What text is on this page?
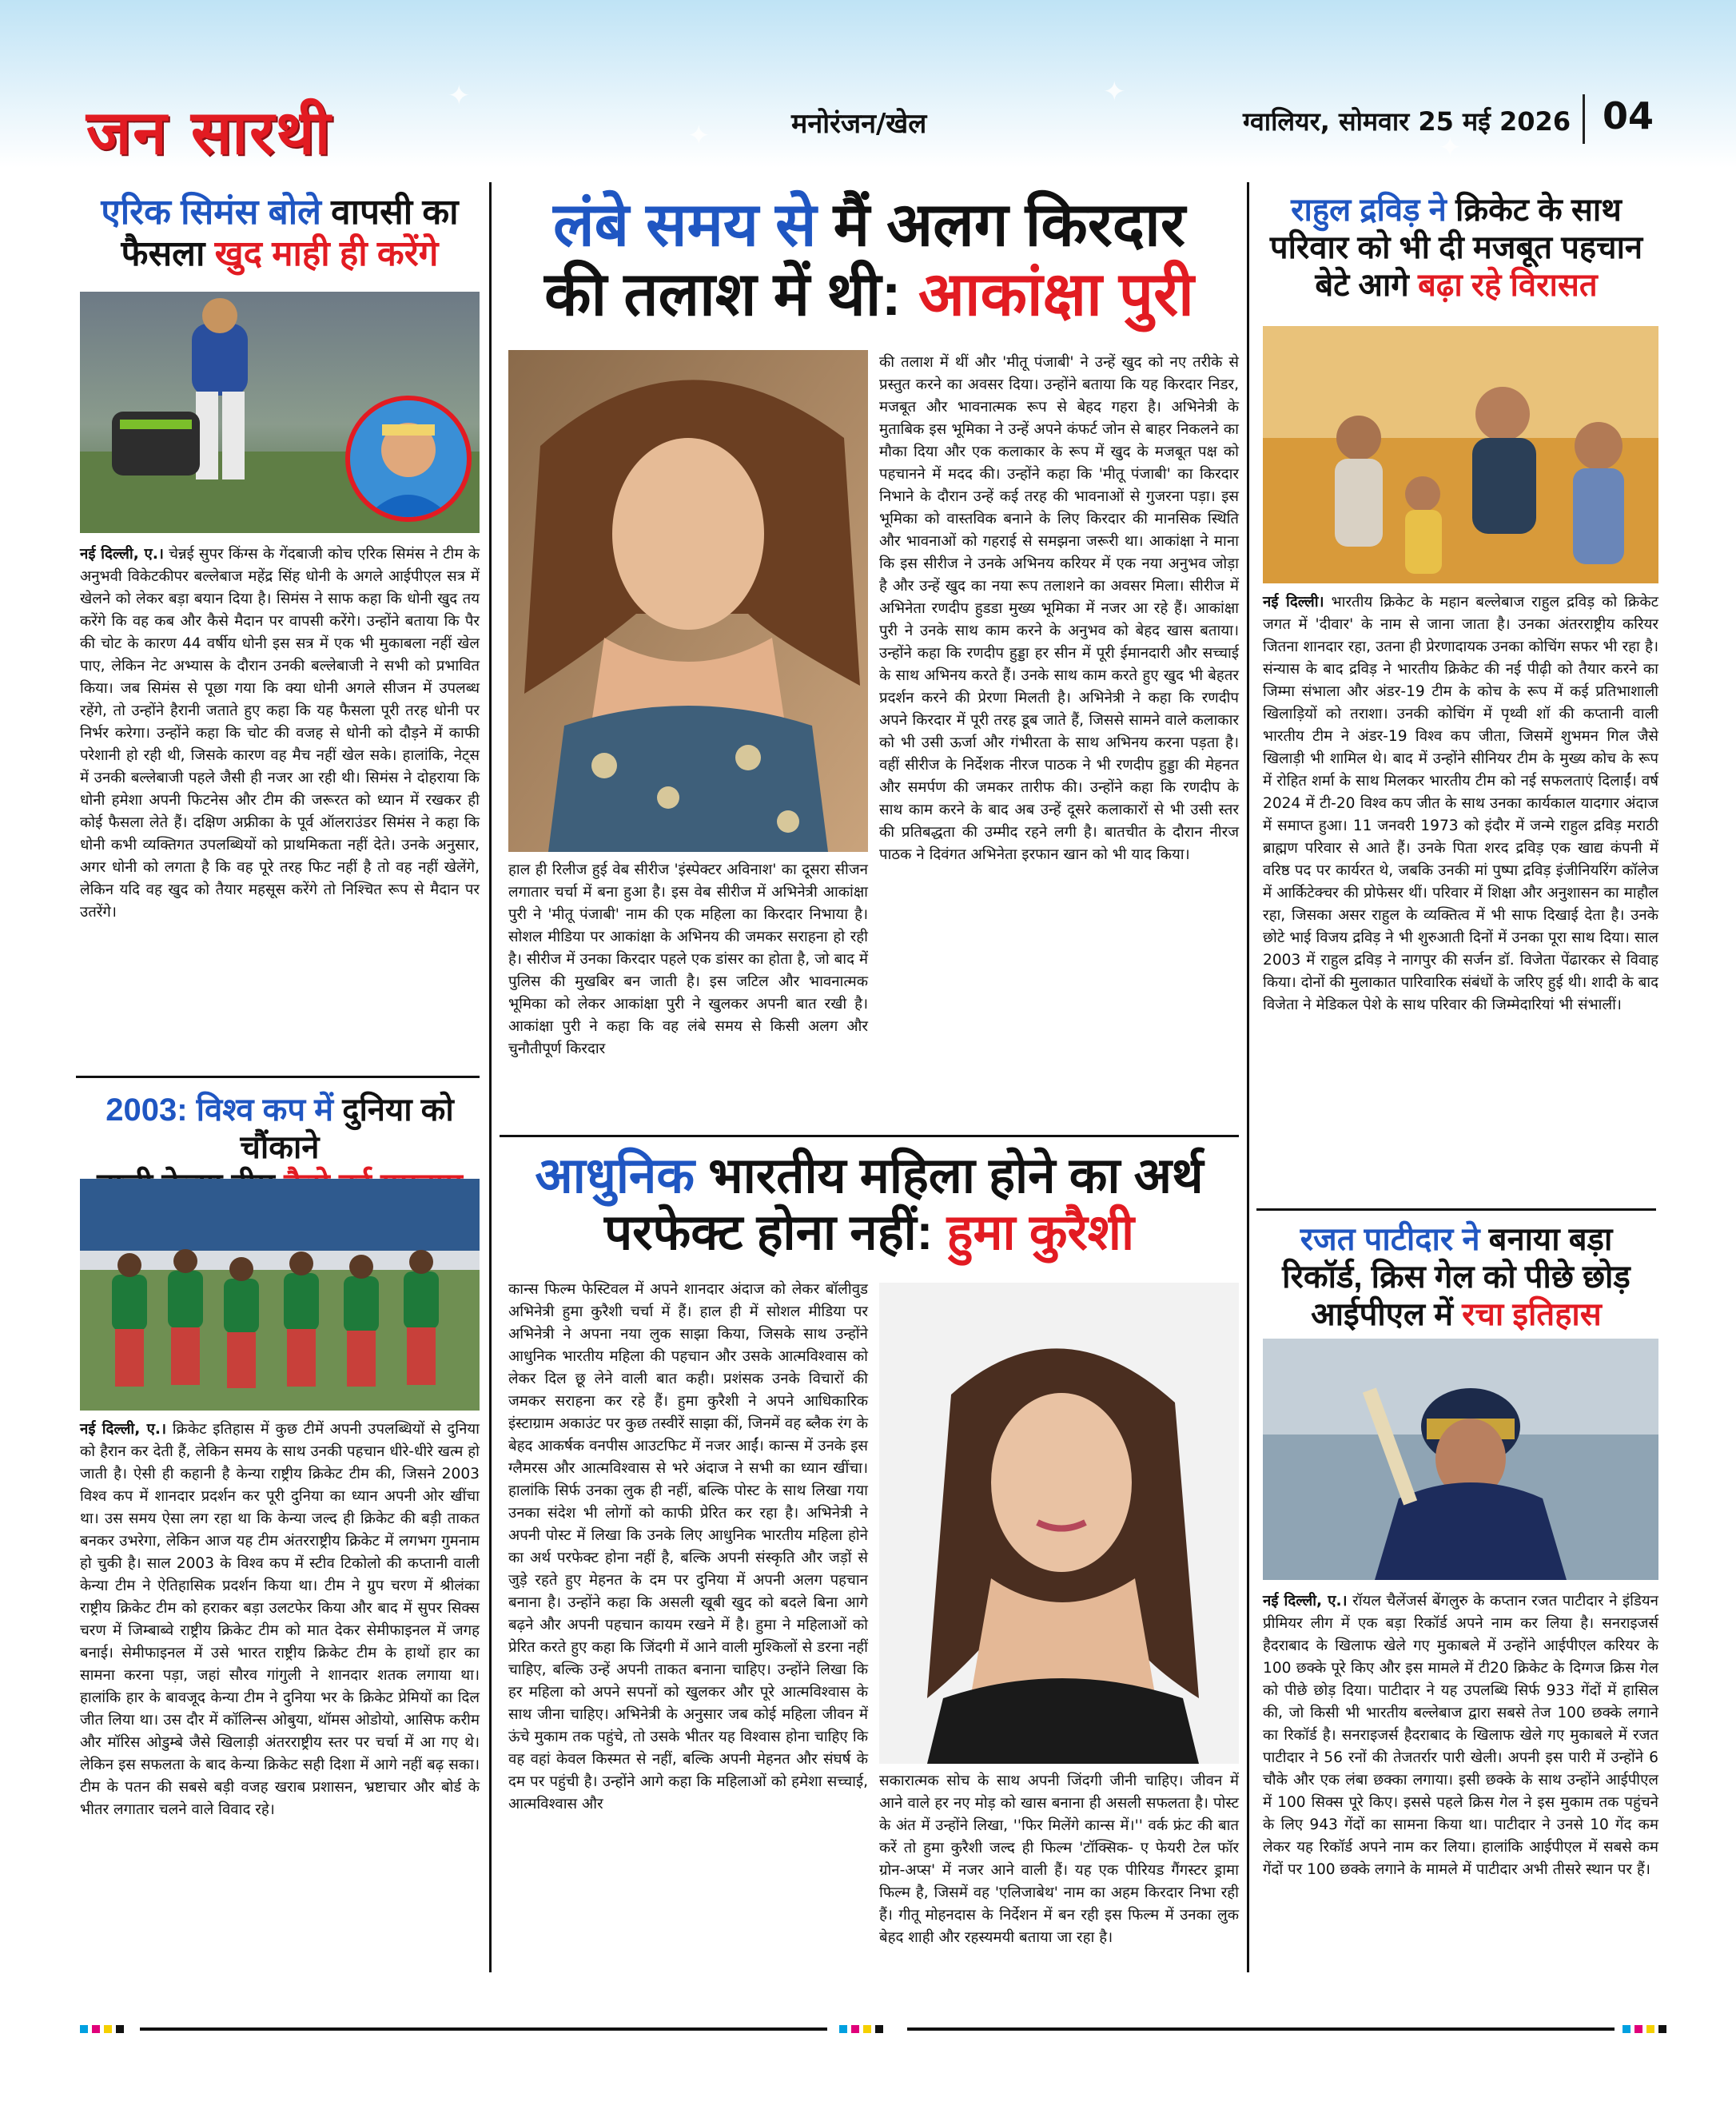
✦
✦
✦
✦
जन सारथी	मनोरंजन/खेल	ग्वालियर, सोमवार 25 मई 2026 04
एरिक सिमंस बोले वापसी का
फैसला खुद माही ही करेंगे

नई दिल्ली, ए.। चेन्नई सुपर किंग्स के गेंदबाजी कोच एरिक सिमंस ने टीम के अनुभवी विकेटकीपर बल्लेबाज महेंद्र सिंह धोनी के अगले आईपीएल सत्र में खेलने को लेकर बड़ा बयान दिया है। सिमंस ने साफ कहा कि धोनी खुद तय करेंगे कि वह कब और कैसे मैदान पर वापसी करेंगे। उन्होंने बताया कि पैर की चोट के कारण 44 वर्षीय धोनी इस सत्र में एक भी मुकाबला नहीं खेल पाए, लेकिन नेट अभ्यास के दौरान उनकी बल्लेबाजी ने सभी को प्रभावित किया। जब सिमंस से पूछा गया कि क्या धोनी अगले सीजन में उपलब्ध रहेंगे, तो उन्होंने हैरानी जताते हुए कहा कि यह फैसला पूरी तरह धोनी पर निर्भर करेगा। उन्होंने कहा कि चोट की वजह से धोनी को दौड़ने में काफी परेशानी हो रही थी, जिसके कारण वह मैच नहीं खेल सके। हालांकि, नेट्स में उनकी बल्लेबाजी पहले जैसी ही नजर आ रही थी। सिमंस ने दोहराया कि धोनी हमेशा अपनी फिटनेस और टीम की जरूरत को ध्यान में रखकर ही कोई फैसला लेते हैं। दक्षिण अफ्रीका के पूर्व ऑलराउंडर सिमंस ने कहा कि धोनी कभी व्यक्तिगत उपलब्धियों को प्राथमिकता नहीं देते। उनके अनुसार, अगर धोनी को लगता है कि वह पूरे तरह फिट नहीं है तो वह नहीं खेलेंगे, लेकिन यदि वह खुद को तैयार महसूस करेंगे तो निश्चित रूप से मैदान पर उतरेंगे।

2003: विश्व कप में दुनिया को चौंकाने

नई दिल्ली, ए.। क्रिकेट इतिहास में कुछ टीमें अपनी उपलब्धियों से दुनिया को हैरान कर देती हैं, लेकिन समय के साथ उनकी पहचान धीरे-धीरे खत्म हो जाती है। ऐसी ही कहानी है केन्या राष्ट्रीय क्रिकेट टीम की, जिसने 2003 विश्व कप में शानदार प्रदर्शन कर पूरी दुनिया का ध्यान अपनी ओर खींचा था। उस समय ऐसा लग रहा था कि केन्या जल्द ही क्रिकेट की बड़ी ताकत बनकर उभरेगा, लेकिन आज यह टीम अंतरराष्ट्रीय क्रिकेट में लगभग गुमनाम हो चुकी है। साल 2003 के विश्व कप में स्टीव टिकोलो की कप्तानी वाली केन्या टीम ने ऐतिहासिक प्रदर्शन किया था। टीम ने ग्रुप चरण में श्रीलंका राष्ट्रीय क्रिकेट टीम को हराकर बड़ा उलटफेर किया और बाद में सुपर सिक्स चरण में जिम्बाब्वे राष्ट्रीय क्रिकेट टीम को मात देकर सेमीफाइनल में जगह बनाई। सेमीफाइनल में उसे भारत राष्ट्रीय क्रिकेट टीम के हाथों हार का सामना करना पड़ा, जहां सौरव गांगुली ने शानदार शतक लगाया था। हालांकि हार के बावजूद केन्या टीम ने दुनिया भर के क्रिकेट प्रेमियों का दिल जीत लिया था। उस दौर में कॉलिन्स ओबुया, थॉमस ओडोयो, आसिफ करीम और मॉरिस ओडुम्बे जैसे खिलाड़ी अंतरराष्ट्रीय स्तर पर चर्चा में आ गए थे। लेकिन इस सफलता के बाद केन्या क्रिकेट सही दिशा में आगे नहीं बढ़ सका। टीम के पतन की सबसे बड़ी वजह खराब प्रशासन, भ्रष्टाचार और बोर्ड के भीतर लगातार चलने वाले विवाद रहे।

लंबे समय से मैं अलग किरदार
की तलाश में थी: आकांक्षा पुरी

हाल ही रिलीज हुई वेब सीरीज 'इंस्पेक्टर अविनाश' का दूसरा सीजन लगातार चर्चा में बना हुआ है। इस वेब सीरीज में अभिनेत्री आकांक्षा पुरी ने 'मीतू पंजाबी' नाम की एक महिला का किरदार निभाया है। सोशल मीडिया पर आकांक्षा के अभिनय की जमकर सराहना हो रही है। सीरीज में उनका किरदार पहले एक डांसर का होता है, जो बाद में पुलिस की मुखबिर बन जाती है। इस जटिल और भावनात्मक भूमिका को लेकर आकांक्षा पुरी ने खुलकर अपनी बात रखी है। आकांक्षा पुरी ने कहा कि वह लंबे समय से किसी अलग और चुनौतीपूर्ण किरदार

की तलाश में थीं और 'मीतू पंजाबी' ने उन्हें खुद को नए तरीके से प्रस्तुत करने का अवसर दिया। उन्होंने बताया कि यह किरदार निडर, मजबूत और भावनात्मक रूप से बेहद गहरा है। अभिनेत्री के मुताबिक इस भूमिका ने उन्हें अपने कंफर्ट जोन से बाहर निकलने का मौका दिया और एक कलाकार के रूप में खुद के मजबूत पक्ष को पहचानने में मदद की। उन्होंने कहा कि 'मीतू पंजाबी' का किरदार निभाने के दौरान उन्हें कई तरह की भावनाओं से गुजरना पड़ा। इस भूमिका को वास्तविक बनाने के लिए किरदार की मानसिक स्थिति और भावनाओं को गहराई से समझना जरूरी था। आकांक्षा ने माना कि इस सीरीज ने उनके अभिनय करियर में एक नया अनुभव जोड़ा है और उन्हें खुद का नया रूप तलाशने का अवसर मिला। सीरीज में अभिनेता रणदीप हुडडा मुख्य भूमिका में नजर आ रहे हैं। आकांक्षा पुरी ने उनके साथ काम करने के अनुभव को बेहद खास बताया। उन्होंने कहा कि रणदीप हुड्डा हर सीन में पूरी ईमानदारी और सच्चाई के साथ अभिनय करते हैं। उनके साथ काम करते हुए खुद भी बेहतर प्रदर्शन करने की प्रेरणा मिलती है। अभिनेत्री ने कहा कि रणदीप अपने किरदार में पूरी तरह डूब जाते हैं, जिससे सामने वाले कलाकार को भी उसी ऊर्जा और गंभीरता के साथ अभिनय करना पड़ता है। वहीं सीरीज के निर्देशक नीरज पाठक ने भी रणदीप हुड्डा की मेहनत और समर्पण की जमकर तारीफ की। उन्होंने कहा कि रणदीप के साथ काम करने के बाद अब उन्हें दूसरे कलाकारों से भी उसी स्तर की प्रतिबद्धता की उम्मीद रहने लगी है। बातचीत के दौरान नीरज पाठक ने दिवंगत अभिनेता इरफान खान को भी याद किया।

आधुनिक भारतीय महिला होने का अर्थ
परफेक्ट होना नहीं: हुमा कुरैशी

कान्स फिल्म फेस्टिवल में अपने शानदार अंदाज को लेकर बॉलीवुड अभिनेत्री हुमा कुरैशी चर्चा में हैं। हाल ही में सोशल मीडिया पर अभिनेत्री ने अपना नया लुक साझा किया, जिसके साथ उन्होंने आधुनिक भारतीय महिला की पहचान और उसके आत्मविश्वास को लेकर दिल छू लेने वाली बात कही। प्रशंसक उनके विचारों की जमकर सराहना कर रहे हैं। हुमा कुरैशी ने अपने आधिकारिक इंस्टाग्राम अकाउंट पर कुछ तस्वीरें साझा कीं, जिनमें वह ब्लैक रंग के बेहद आकर्षक वनपीस आउटफिट में नजर आईं। कान्स में उनके इस ग्लैमरस और आत्मविश्वास से भरे अंदाज ने सभी का ध्यान खींचा। हालांकि सिर्फ उनका लुक ही नहीं, बल्कि पोस्ट के साथ लिखा गया उनका संदेश भी लोगों को काफी प्रेरित कर रहा है। अभिनेत्री ने अपनी पोस्ट में लिखा कि उनके लिए आधुनिक भारतीय महिला होने का अर्थ परफेक्ट होना नहीं है, बल्कि अपनी संस्कृति और जड़ों से जुड़े रहते हुए मेहनत के दम पर दुनिया में अपनी अलग पहचान बनाना है। उन्होंने कहा कि असली खूबी खुद को बदले बिना आगे बढ़ने और अपनी पहचान कायम रखने में है। हुमा ने महिलाओं को प्रेरित करते हुए कहा कि जिंदगी में आने वाली मुश्किलों से डरना नहीं चाहिए, बल्कि उन्हें अपनी ताकत बनाना चाहिए। उन्होंने लिखा कि हर महिला को अपने सपनों को खुलकर और पूरे आत्मविश्वास के साथ जीना चाहिए। अभिनेत्री के अनुसार जब कोई महिला जीवन में ऊंचे मुकाम तक पहुंचे, तो उसके भीतर यह विश्वास होना चाहिए कि वह वहां केवल किस्मत से नहीं, बल्कि अपनी मेहनत और संघर्ष के दम पर पहुंची है। उन्होंने आगे कहा कि महिलाओं को हमेशा सच्चाई, आत्मविश्वास और

सकारात्मक सोच के साथ अपनी जिंदगी जीनी चाहिए। जीवन में आने वाले हर नए मोड़ को खास बनाना ही असली सफलता है। पोस्ट के अंत में उन्होंने लिखा, ''फिर मिलेंगे कान्स में।'' वर्क फ्रंट की बात करें तो हुमा कुरैशी जल्द ही फिल्म 'टॉक्सिक- ए फेयरी टेल फॉर ग्रोन-अप्स' में नजर आने वाली हैं। यह एक पीरियड गैंगस्टर ड्रामा फिल्म है, जिसमें वह 'एलिजाबेथ' नाम का अहम किरदार निभा रही हैं। गीतू मोहनदास के निर्देशन में बन रही इस फिल्म में उनका लुक बेहद शाही और रहस्यमयी बताया जा रहा है।

राहुल द्रविड़ ने क्रिकेट के साथ
परिवार को भी दी मजबूत पहचान
बेटे आगे बढ़ा रहे विरासत

नई दिल्ली। भारतीय क्रिकेट के महान बल्लेबाज राहुल द्रविड़ को क्रिकेट जगत में 'दीवार' के नाम से जाना जाता है। उनका अंतरराष्ट्रीय करियर जितना शानदार रहा, उतना ही प्रेरणादायक उनका कोचिंग सफर भी रहा है। संन्यास के बाद द्रविड़ ने भारतीय क्रिकेट की नई पीढ़ी को तैयार करने का जिम्मा संभाला और अंडर-19 टीम के कोच के रूप में कई प्रतिभाशाली खिलाड़ियों को तराशा। उनकी कोचिंग में पृथ्वी शॉ की कप्तानी वाली भारतीय टीम ने अंडर-19 विश्व कप जीता, जिसमें शुभमन गिल जैसे खिलाड़ी भी शामिल थे। बाद में उन्होंने सीनियर टीम के मुख्य कोच के रूप में रोहित शर्मा के साथ मिलकर भारतीय टीम को नई सफलताएं दिलाईं। वर्ष 2024 में टी-20 विश्व कप जीत के साथ उनका कार्यकाल यादगार अंदाज में समाप्त हुआ। 11 जनवरी 1973 को इंदौर में जन्मे राहुल द्रविड़ मराठी ब्राह्मण परिवार से आते हैं। उनके पिता शरद द्रविड़ एक खाद्य कंपनी में वरिष्ठ पद पर कार्यरत थे, जबकि उनकी मां पुष्पा द्रविड़ इंजीनियरिंग कॉलेज में आर्किटेक्चर की प्रोफेसर थीं। परिवार में शिक्षा और अनुशासन का माहौल रहा, जिसका असर राहुल के व्यक्तित्व में भी साफ दिखाई देता है। उनके छोटे भाई विजय द्रविड़ ने भी शुरुआती दिनों में उनका पूरा साथ दिया। साल 2003 में राहुल द्रविड़ ने नागपुर की सर्जन डॉ. विजेता पेंढारकर से विवाह किया। दोनों की मुलाकात पारिवारिक संबंधों के जरिए हुई थी। शादी के बाद विजेता ने मेडिकल पेशे के साथ परिवार की जिम्मेदारियां भी संभालीं।

रजत पाटीदार ने बनाया बड़ा
रिकॉर्ड, क्रिस गेल को पीछे छोड़
आईपीएल में रचा इतिहास

नई दिल्ली, ए.। रॉयल चैलेंजर्स बेंगलुरु के कप्तान रजत पाटीदार ने इंडियन प्रीमियर लीग में एक बड़ा रिकॉर्ड अपने नाम कर लिया है। सनराइजर्स हैदराबाद के खिलाफ खेले गए मुकाबले में उन्होंने आईपीएल करियर के 100 छक्के पूरे किए और इस मामले में टी20 क्रिकेट के दिग्गज क्रिस गेल को पीछे छोड़ दिया। पाटीदार ने यह उपलब्धि सिर्फ 933 गेंदों में हासिल की, जो किसी भी भारतीय बल्लेबाज द्वारा सबसे तेज 100 छक्के लगाने का रिकॉर्ड है। सनराइजर्स हैदराबाद के खिलाफ खेले गए मुकाबले में रजत पाटीदार ने 56 रनों की तेजतर्रार पारी खेली। अपनी इस पारी में उन्होंने 6 चौके और एक लंबा छक्का लगाया। इसी छक्के के साथ उन्होंने आईपीएल में 100 सिक्स पूरे किए। इससे पहले क्रिस गेल ने इस मुकाम तक पहुंचने के लिए 943 गेंदों का सामना किया था। पाटीदार ने उनसे 10 गेंद कम लेकर यह रिकॉर्ड अपने नाम कर लिया। हालांकि आईपीएल में सबसे कम गेंदों पर 100 छक्के लगाने के मामले में पाटीदार अभी तीसरे स्थान पर हैं।
